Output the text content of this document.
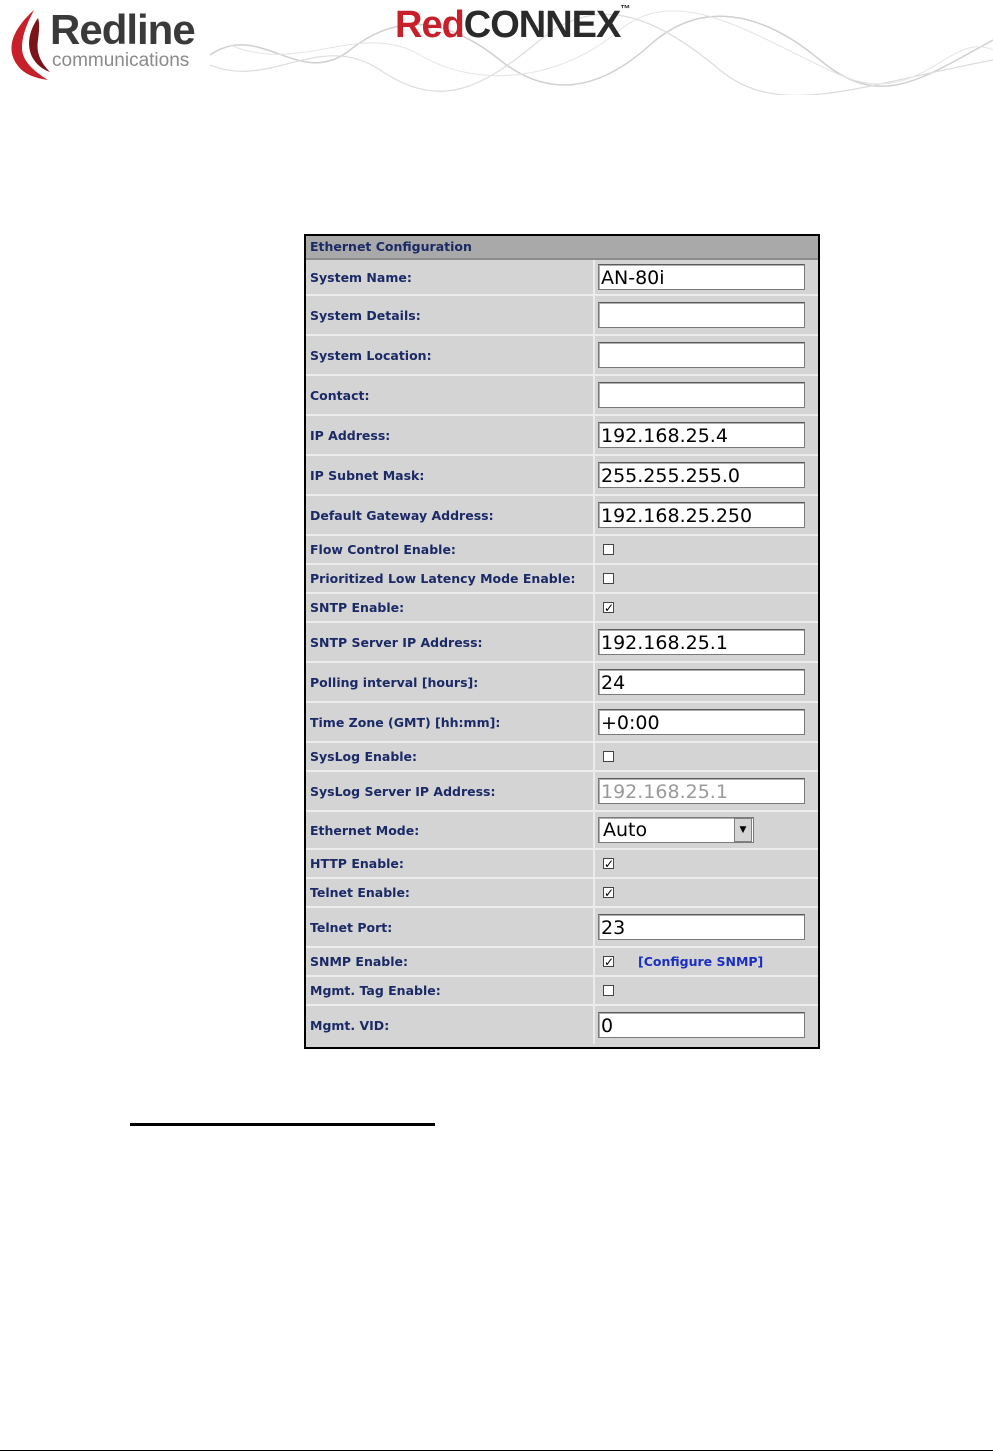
Redline
communications
RedCONNEX™
Ethernet Configuration
System Name:	AN-80i
System Details:
System Location:
Contact:
IP Address:	192.168.25.4
IP Subnet Mask:	255.255.255.0
Default Gateway Address:	192.168.25.250
Flow Control Enable:
Prioritized Low Latency Mode Enable:
SNTP Enable:	✓
SNTP Server IP Address:	192.168.25.1
Polling interval [hours]:	24
Time Zone (GMT) [hh:mm]:	+0:00
SysLog Enable:
SysLog Server IP Address:	192.168.25.1
Ethernet Mode:	Auto	▼
HTTP Enable:	✓
Telnet Enable:	✓
Telnet Port:	23
SNMP Enable:	✓ [Configure SNMP]
Mgmt. Tag Enable:
Mgmt. VID:	0
